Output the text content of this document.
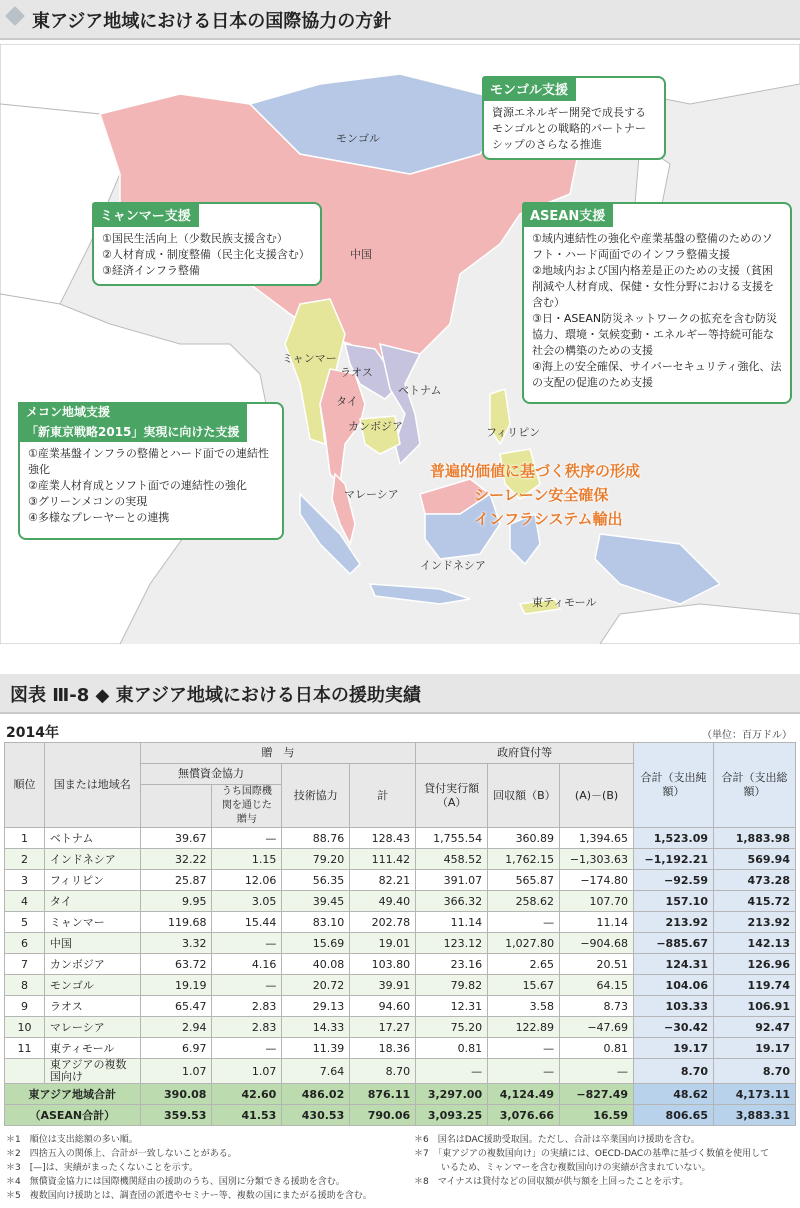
東アジア地域における日本の国際協力の方針
モンゴル
中国
ミャンマー
ラオス
タイ
ベトナム
カンボジア	フィリピン
マレーシア
インドネシア
東ティモール
普遍的価値に基づく秩序の形成
シーレーン安全確保
インフラシステム輸出
モンゴル支援
資源エネルギー開発で成長するモンゴルとの戦略的パートナーシップのさらなる推進
ミャンマー支援
①国民生活向上（少数民族支援含む）
②人材育成・制度整備（民主化支援含む）
③経済インフラ整備
ASEAN支援
①域内連結性の強化や産業基盤の整備のためのソフト・ハード両面でのインフラ整備支援
②地域内および国内格差是正のための支援（貧困削減や人材育成、保健・女性分野における支援を含む）
③日・ASEAN防災ネットワークの拡充を含む防災協力、環境・気候変動・エネルギー等持続可能な社会の構築のための支援
④海上の安全確保、サイバーセキュリティ強化、法の支配の促進のため支援
メコン地域支援
「新東京戦略2015」実現に向けた支援
①産業基盤インフラの整備とハード面での連結性強化
②産業人材育成とソフト面での連結性の強化
③グリーンメコンの実現
④多様なプレーヤーとの連携
図表 Ⅲ-8 ◆ 東アジア地域における日本の援助実績
2014年	（単位：百万ドル）
順位	国または地域名	贈　与				政府貸付等			合計（支出純額）	合計（支出総額）
		無償資金協力		技術協力	計	貸付実行額（A）	回収額（B）	(A)－(B)		
			うち国際機関を通じた贈与							
1	ベトナム	39.67	—	88.76	128.43	1,755.54	360.89	1,394.65	1,523.09	1,883.98
2	インドネシア	32.22	1.15	79.20	111.42	458.52	1,762.15	−1,303.63	−1,192.21	569.94
3	フィリピン	25.87	12.06	56.35	82.21	391.07	565.87	−174.80	−92.59	473.28
4	タイ	9.95	3.05	39.45	49.40	366.32	258.62	107.70	157.10	415.72
5	ミャンマー	119.68	15.44	83.10	202.78	11.14	—	11.14	213.92	213.92
6	中国	3.32	—	15.69	19.01	123.12	1,027.80	−904.68	−885.67	142.13
7	カンボジア	63.72	4.16	40.08	103.80	23.16	2.65	20.51	124.31	126.96
8	モンゴル	19.19	—	20.72	39.91	79.82	15.67	64.15	104.06	119.74
9	ラオス	65.47	2.83	29.13	94.60	12.31	3.58	8.73	103.33	106.91
10	マレーシア	2.94	2.83	14.33	17.27	75.20	122.89	−47.69	−30.42	92.47
11	東ティモール	6.97	—	11.39	18.36	0.81	—	0.81	19.17	19.17
	東アジアの複数国向け	1.07	1.07	7.64	8.70	—	—	—	8.70	8.70
東アジア地域合計		390.08	42.60	486.02	876.11	3,297.00	4,124.49	−827.49	48.62	4,173.11
（ASEAN合計）		359.53	41.53	430.53	790.06	3,093.25	3,076.66	16.59	806.65	3,883.31
＊1　順位は支出総額の多い順。
＊2　四捨五入の関係上、合計が一致しないことがある。
＊3　[—]は、実績がまったくないことを示す。
＊4　無償資金協力には国際機関経由の援助のうち、国別に分類できる援助を含む。
＊5　複数国向け援助とは、調査団の派遣やセミナー等、複数の国にまたがる援助を含む。
＊6　国名はDAC援助受取国。ただし、合計は卒業国向け援助を含む。
＊7　「東アジアの複数国向け」の実績には、OECD-DACの基準に基づく数値を使用して
　　　いるため、ミャンマーを含む複数国向けの実績が含まれていない。
＊8　マイナスは貸付などの回収額が供与額を上回ったことを示す。
